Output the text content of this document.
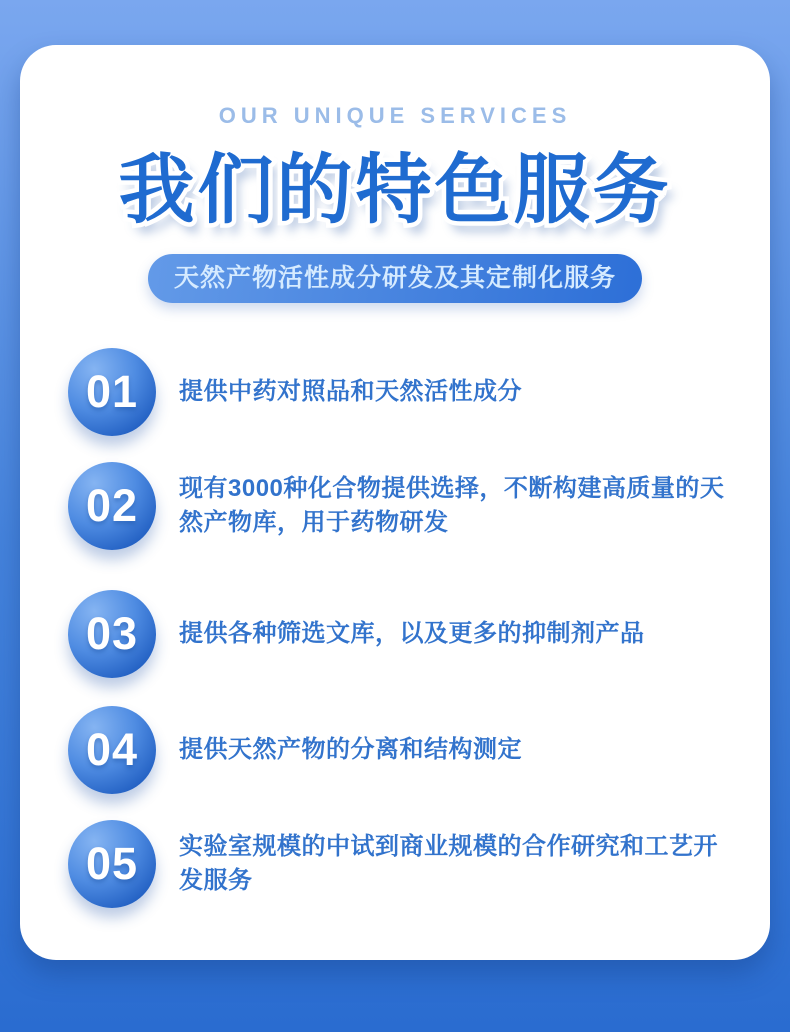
OUR UNIQUE SERVICES
我们的特色服务 我们的特色服务
天然产物活性成分研发及其定制化服务
01 提供中药对照品和天然活性成分
02 现有3000种化合物提供选择，不断构建高质量的天然产物库，用于药物研发
03 提供各种筛选文库，以及更多的抑制剂产品
04 提供天然产物的分离和结构测定
05 实验室规模的中试到商业规模的合作研究和工艺开发服务
